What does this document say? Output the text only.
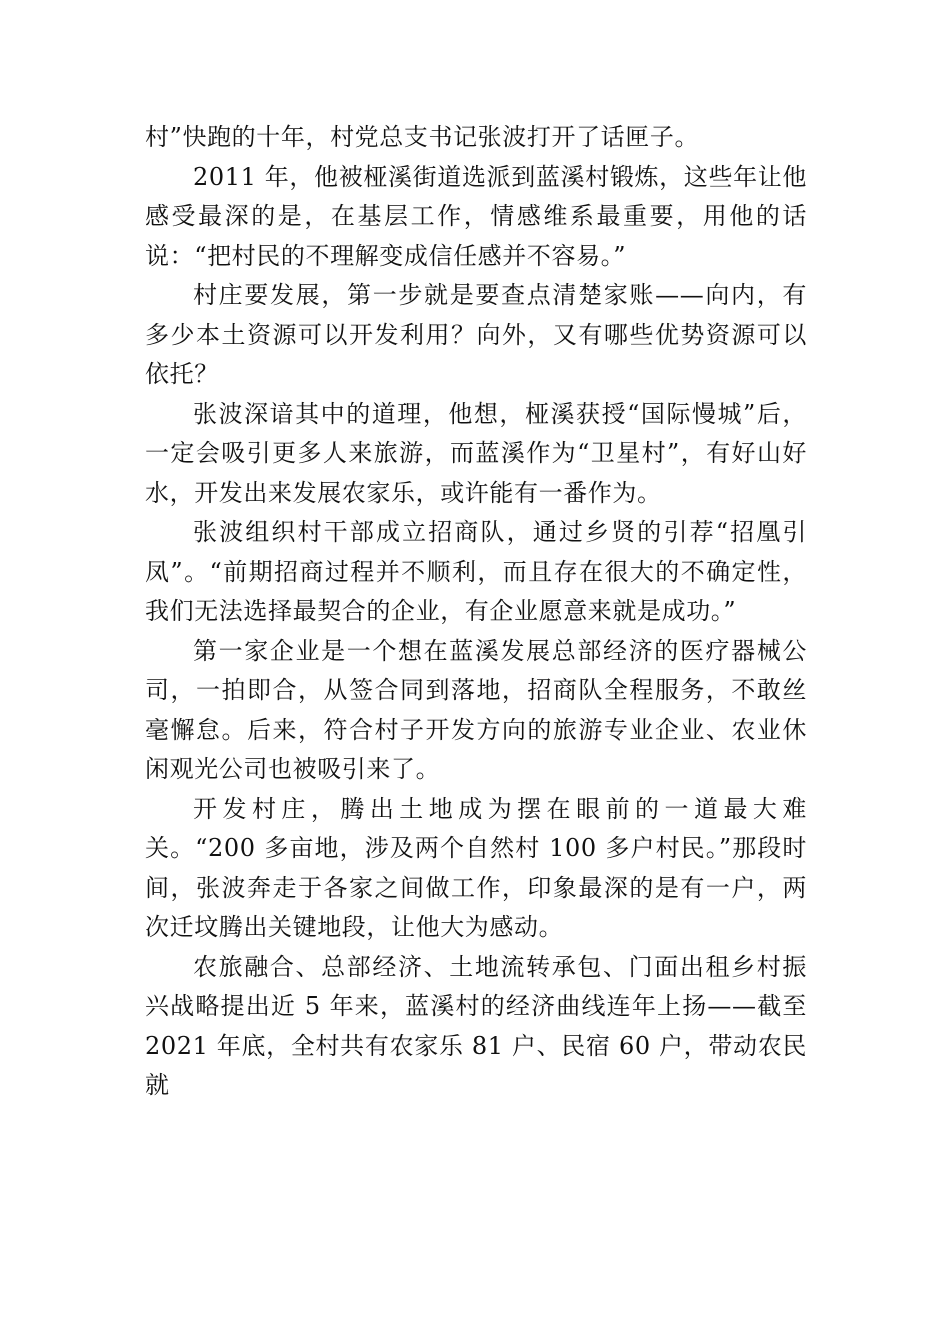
村”快跑的十年，村党总支书记张波打开了话匣子。

2011 年，他被桠溪街道选派到蓝溪村锻炼，这些年让他感受最深的是，在基层工作，情感维系最重要，用他的话说：“把村民的不理解变成信任感并不容易。”

村庄要发展，第一步就是要查点清楚家账——向内，有多少本土资源可以开发利用？向外，又有哪些优势资源可以依托？

张波深谙其中的道理，他想，桠溪获授“国际慢城”后，一定会吸引更多人来旅游，而蓝溪作为“卫星村”，有好山好水，开发出来发展农家乐，或许能有一番作为。

张波组织村干部成立招商队，通过乡贤的引荐“招凰引凤”。“前期招商过程并不顺利，而且存在很大的不确定性， 我们无法选择最契合的企业，有企业愿意来就是成功。”

第一家企业是一个想在蓝溪发展总部经济的医疗器械公司，一拍即合，从签合同到落地，招商队全程服务，不敢丝毫懈怠。后来，符合村子开发方向的旅游专业企业、农业休闲观光公司也被吸引来了。

开发村庄，腾出土地成为摆在眼前的一道最大难关。“200 多亩地，涉及两个自然村 100 多户村民。”那段时间，张波奔走于各家之间做工作，印象最深的是有一户，两次迁坟腾出关键地段，让他大为感动。

农旅融合、总部经济、土地流转承包、门面出租乡村振兴战略提出近 5 年来，蓝溪村的经济曲线连年上扬——截至 2021 年底，全村共有农家乐 81 户、民宿 60 户，带动农民就
